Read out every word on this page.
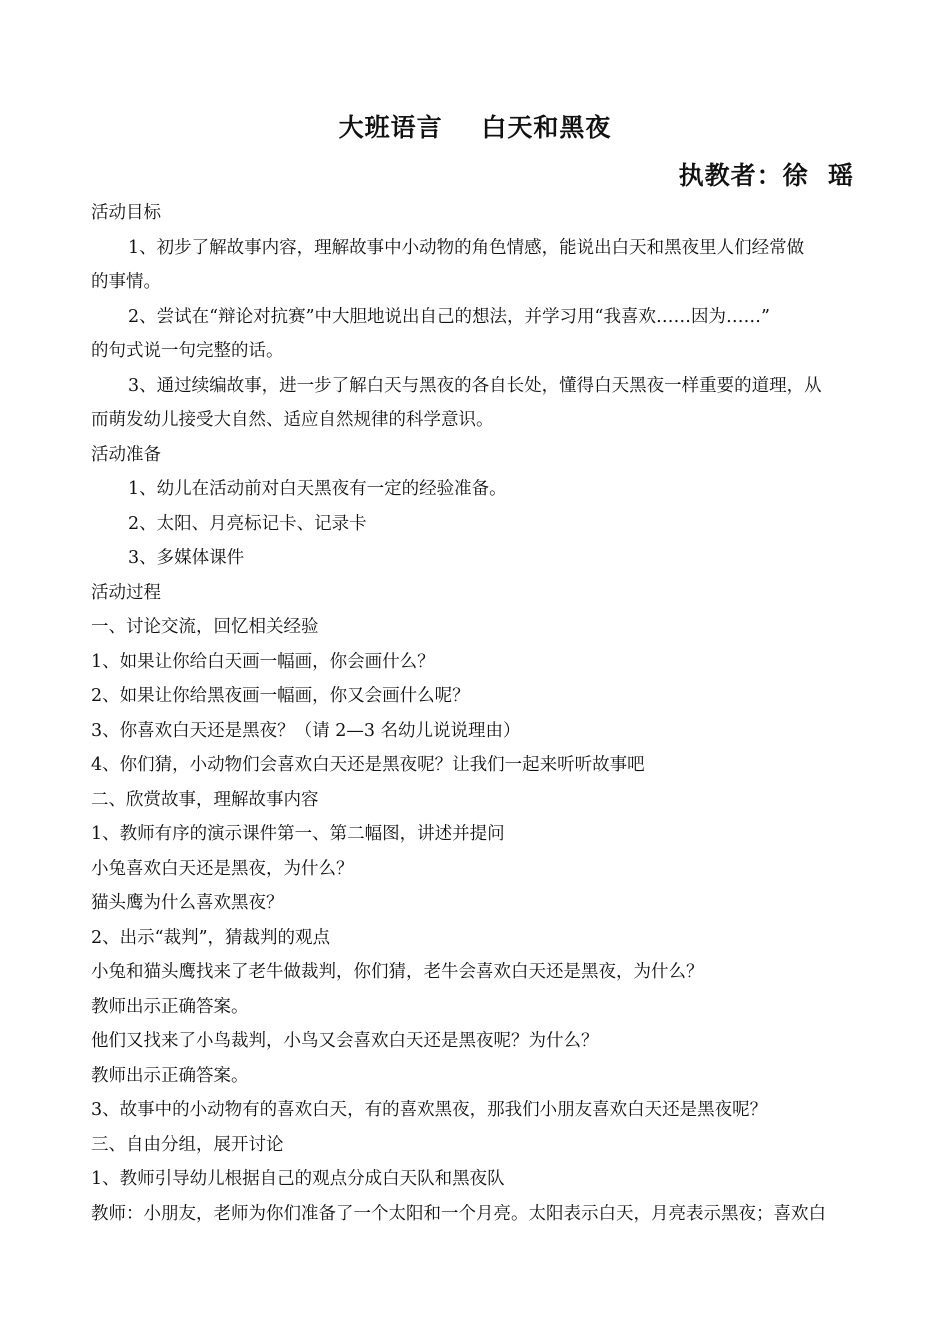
大班语言    白天和黑夜
执教者：徐  瑶
活动目标
1、初步了解故事内容，理解故事中小动物的角色情感，能说出白天和黑夜里人们经常做
的事情。
2、尝试在“辩论对抗赛”中大胆地说出自己的想法，并学习用“我喜欢……因为……”
的句式说一句完整的话。
3、通过续编故事，进一步了解白天与黑夜的各自长处，懂得白天黑夜一样重要的道理，从
而萌发幼儿接受大自然、适应自然规律的科学意识。
活动准备
1、幼儿在活动前对白天黑夜有一定的经验准备。
2、太阳、月亮标记卡、记录卡
3、多媒体课件
活动过程
一、讨论交流，回忆相关经验
1、如果让你给白天画一幅画，你会画什么？
2、如果让你给黑夜画一幅画，你又会画什么呢？
3、你喜欢白天还是黑夜？（请 2—3 名幼儿说说理由）
4、你们猜，小动物们会喜欢白天还是黑夜呢？让我们一起来听听故事吧
二、欣赏故事，理解故事内容
1、教师有序的演示课件第一、第二幅图，讲述并提问
小兔喜欢白天还是黑夜，为什么？
猫头鹰为什么喜欢黑夜？
2、出示“裁判”，猜裁判的观点
小兔和猫头鹰找来了老牛做裁判，你们猜，老牛会喜欢白天还是黑夜，为什么？
教师出示正确答案。
他们又找来了小鸟裁判，小鸟又会喜欢白天还是黑夜呢？为什么？
教师出示正确答案。
3、故事中的小动物有的喜欢白天，有的喜欢黑夜，那我们小朋友喜欢白天还是黑夜呢？
三、自由分组，展开讨论
1、教师引导幼儿根据自己的观点分成白天队和黑夜队
教师：小朋友，老师为你们准备了一个太阳和一个月亮。太阳表示白天，月亮表示黑夜；喜欢白
